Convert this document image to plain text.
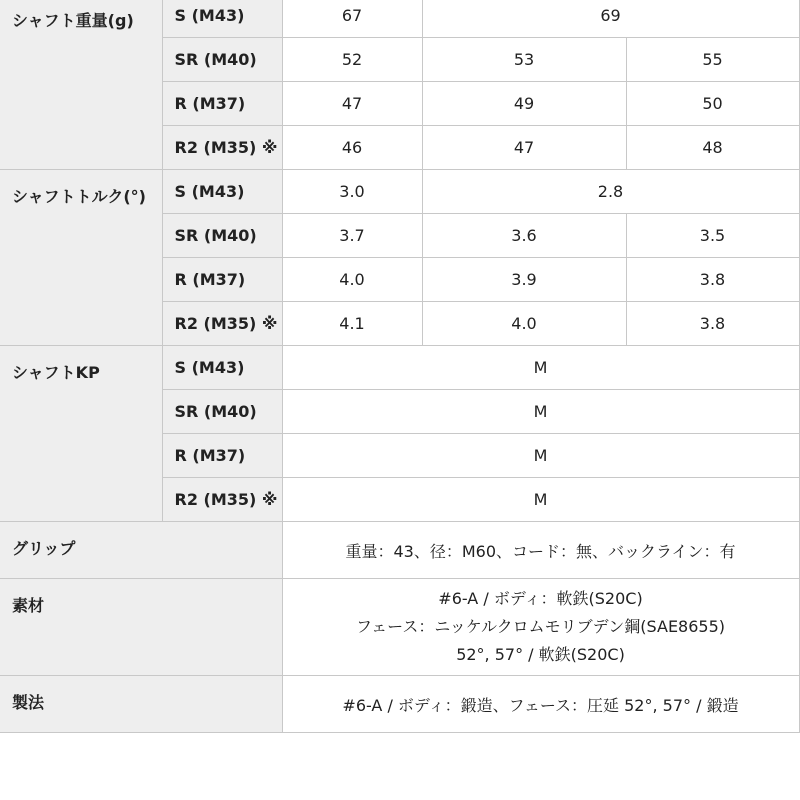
シャフト重量(g)	S (M43)	67	69	
	SR (M40)	52	53	55
	R (M37)	47	49	50
	R2 (M35) ※	46	47	48
シャフトトルク(°)	S (M43)	3.0	2.8	
	SR (M40)	3.7	3.6	3.5
	R (M37)	4.0	3.9	3.8
	R2 (M35) ※	4.1	4.0	3.8
シャフトKP	S (M43)	M		
	SR (M40)	M		
	R (M37)	M		
	R2 (M35) ※	M		
グリップ		重量：43、径：M60、コード：無、バックライン：有		
素材		#6-A / ボディ：軟鉄(S20C)
フェース：ニッケルクロムモリブデン鋼(SAE8655)
52°, 57° / 軟鉄(S20C)		

製法		#6-A / ボディ：鍛造、フェース：圧延 52°, 57° / 鍛造		
